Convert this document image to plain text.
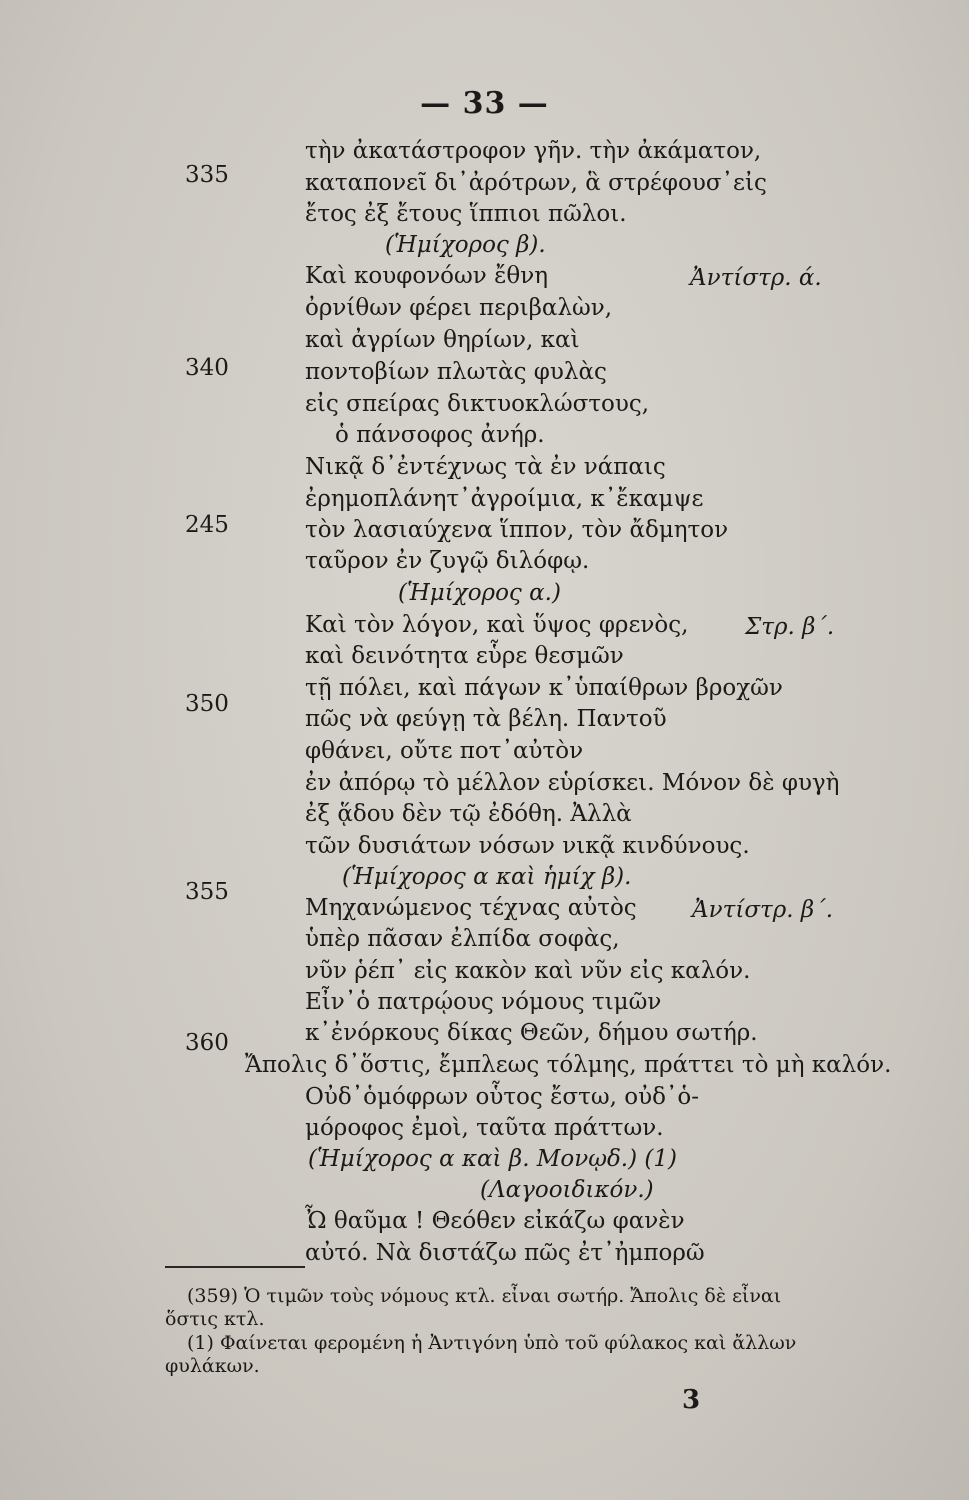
— 33 —
335
340
245
350
355
360
τὴν ἀκατάστροφον γῆν. τὴν ἀκάματον,
καταπονεῖ δι᾽ἀρότρων, ἃ στρέφουσ᾽εἰς
ἔτος ἐξ ἔτους ἵππιοι πῶλοι.
(Ἡμίχορος β).
Καὶ κουφονόων ἔθνη
ὀρνίθων φέρει περιβαλὼν,
καὶ ἀγρίων θηρίων, καὶ
ποντοβίων πλωτὰς φυλὰς
εἰς σπείρας δικτυοκλώστους,
ὁ πάνσοφος ἀνήρ.
Νικᾷ δ᾽ἐντέχνως τὰ ἐν νάπαις
ἐρημοπλάνητ᾽ἀγροίμια, κ᾽ἔκαμψε
τὸν λασιαύχενα ἵππον, τὸν ἄδμητον
ταῦρον ἐν ζυγῷ διλόφῳ.
(Ἡμίχορος α.)
Καὶ τὸν λόγον, καὶ ὕψος φρενὸς,
καὶ δεινότητα εὗρε θεσμῶν
τῇ πόλει, καὶ πάγων κ᾽ὑπαίθρων βροχῶν
πῶς νὰ φεύγῃ τὰ βέλη. Παντοῦ
φθάνει, οὔτε ποτ᾽αὐτὸν
ἐν ἀπόρῳ τὸ μέλλον εὑρίσκει. Μόνον δὲ φυγὴ
ἐξ ᾅδου δὲν τῷ ἐδόθη. Ἀλλὰ
τῶν δυσιάτων νόσων νικᾷ κινδύνους.
(Ἡμίχορος α καὶ ἡμίχ β).
Μηχανώμενος τέχνας αὐτὸς
ὑπὲρ πᾶσαν ἐλπίδα σοφὰς,
νῦν ῥέπ᾽ εἰς κακὸν καὶ νῦν εἰς καλόν.
Εἶν᾽ὁ πατρῴους νόμους τιμῶν
κ᾽ἐνόρκους δίκας Θεῶν, δήμου σωτήρ.
Ἄπολις δ᾽ὅστις, ἔμπλεως τόλμης, πράττει τὸ μὴ καλόν.
Οὐδ᾽ὁμόφρων οὗτος ἔστω, οὐδ᾽ὁ-
μόροφος ἐμοὶ, ταῦτα πράττων.
(Ἡμίχορος α καὶ β. Μονῳδ.) (1)
(Λαγοοιδικόν.)
Ὦ θαῦμα ! Θεόθεν εἰκάζω φανὲν
αὐτό. Νὰ διστάζω πῶς ἐτ᾽ἠμπορῶ
Ἀντίστρ. ά.
Στρ. β΄.
Ἀντίστρ. β΄.
(359) Ὁ τιμῶν τοὺς νόμους κτλ. εἶναι σωτήρ. Ἄπολις δὲ εἶναι
ὅστις κτλ.
(1) Φαίνεται φερομένη ἡ Ἀντιγόνη ὑπὸ τοῦ φύλακος καὶ ἄλλων
φυλάκων.
3
